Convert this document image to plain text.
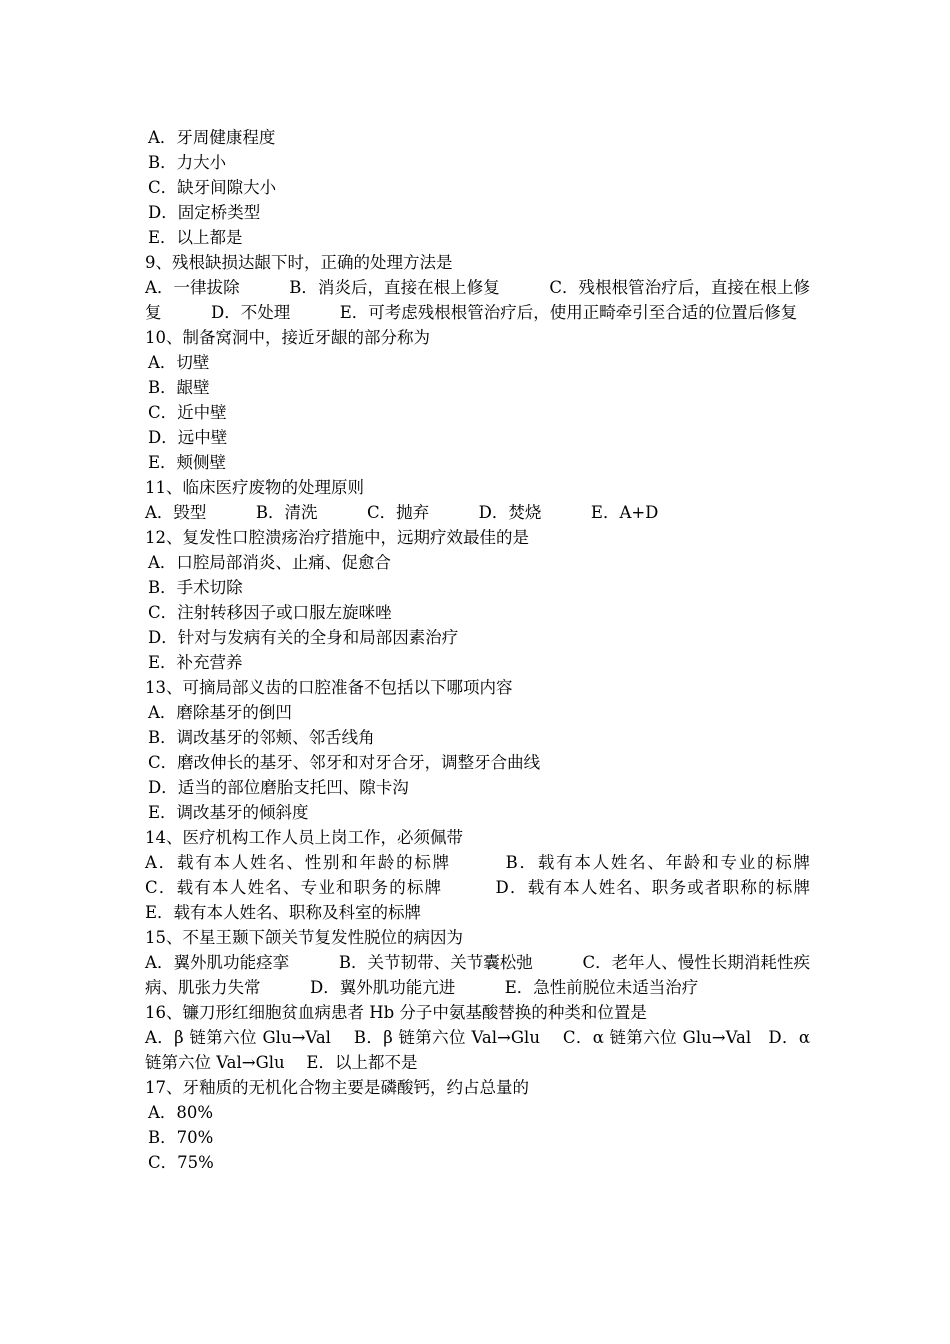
A．牙周健康程度
B．力大小
C．缺牙间隙大小
D．固定桥类型
E．以上都是
9、残根缺损达龈下时，正确的处理方法是
A．一律拔除　　　B．消炎后，直接在根上修复　　　C．残根根管治疗后，直接在根上修复　　　D．不处理　　　E．可考虑残根根管治疗后，使用正畸牵引至合适的位置后修复
10、制备窝洞中，接近牙龈的部分称为
A．切壁
B．龈壁
C．近中壁
D．远中壁
E．颊侧壁
11、临床医疗废物的处理原则
A．毁型　　　B．清洗　　　C．抛弃　　　D．焚烧　　　E．A+D
12、复发性口腔溃疡治疗措施中，远期疗效最佳的是
A．口腔局部消炎、止痛、促愈合
B．手术切除
C．注射转移因子或口服左旋咪唑
D．针对与发病有关的全身和局部因素治疗
E．补充营养
13、可摘局部义齿的口腔准备不包括以下哪项内容
A．磨除基牙的倒凹
B．调改基牙的邻颊、邻舌线角
C．磨改伸长的基牙、邻牙和对牙合牙，调整牙合曲线
D．适当的部位磨胎支托凹、隙卡沟
E．调改基牙的倾斜度
14、医疗机构工作人员上岗工作，必须佩带
A．载有本人姓名、性别和年龄的标牌　　　B．载有本人姓名、年龄和专业的标牌　　　C．载有本人姓名、专业和职务的标牌　　　D．载有本人姓名、职务或者职称的标牌　　　E．载有本人姓名、职称及科室的标牌
15、不星王颞下颌关节复发性脱位的病因为
A．翼外肌功能痉挛　　　B．关节韧带、关节囊松弛　　　C．老年人、慢性长期消耗性疾病、肌张力失常　　　D．翼外肌功能亢进　　　E．急性前脱位未适当治疗
16、镰刀形红细胞贫血病患者 Hb 分子中氨基酸替换的种类和位置是
A．β 链第六位 Glu→Val　 B．β 链第六位 Val→Glu　 C．α 链第六位 Glu→Val　D．α 链第六位 Val→Glu　 E．以上都不是
17、牙釉质的无机化合物主要是磷酸钙，约占总量的
A．80%
B．70%
C．75%
